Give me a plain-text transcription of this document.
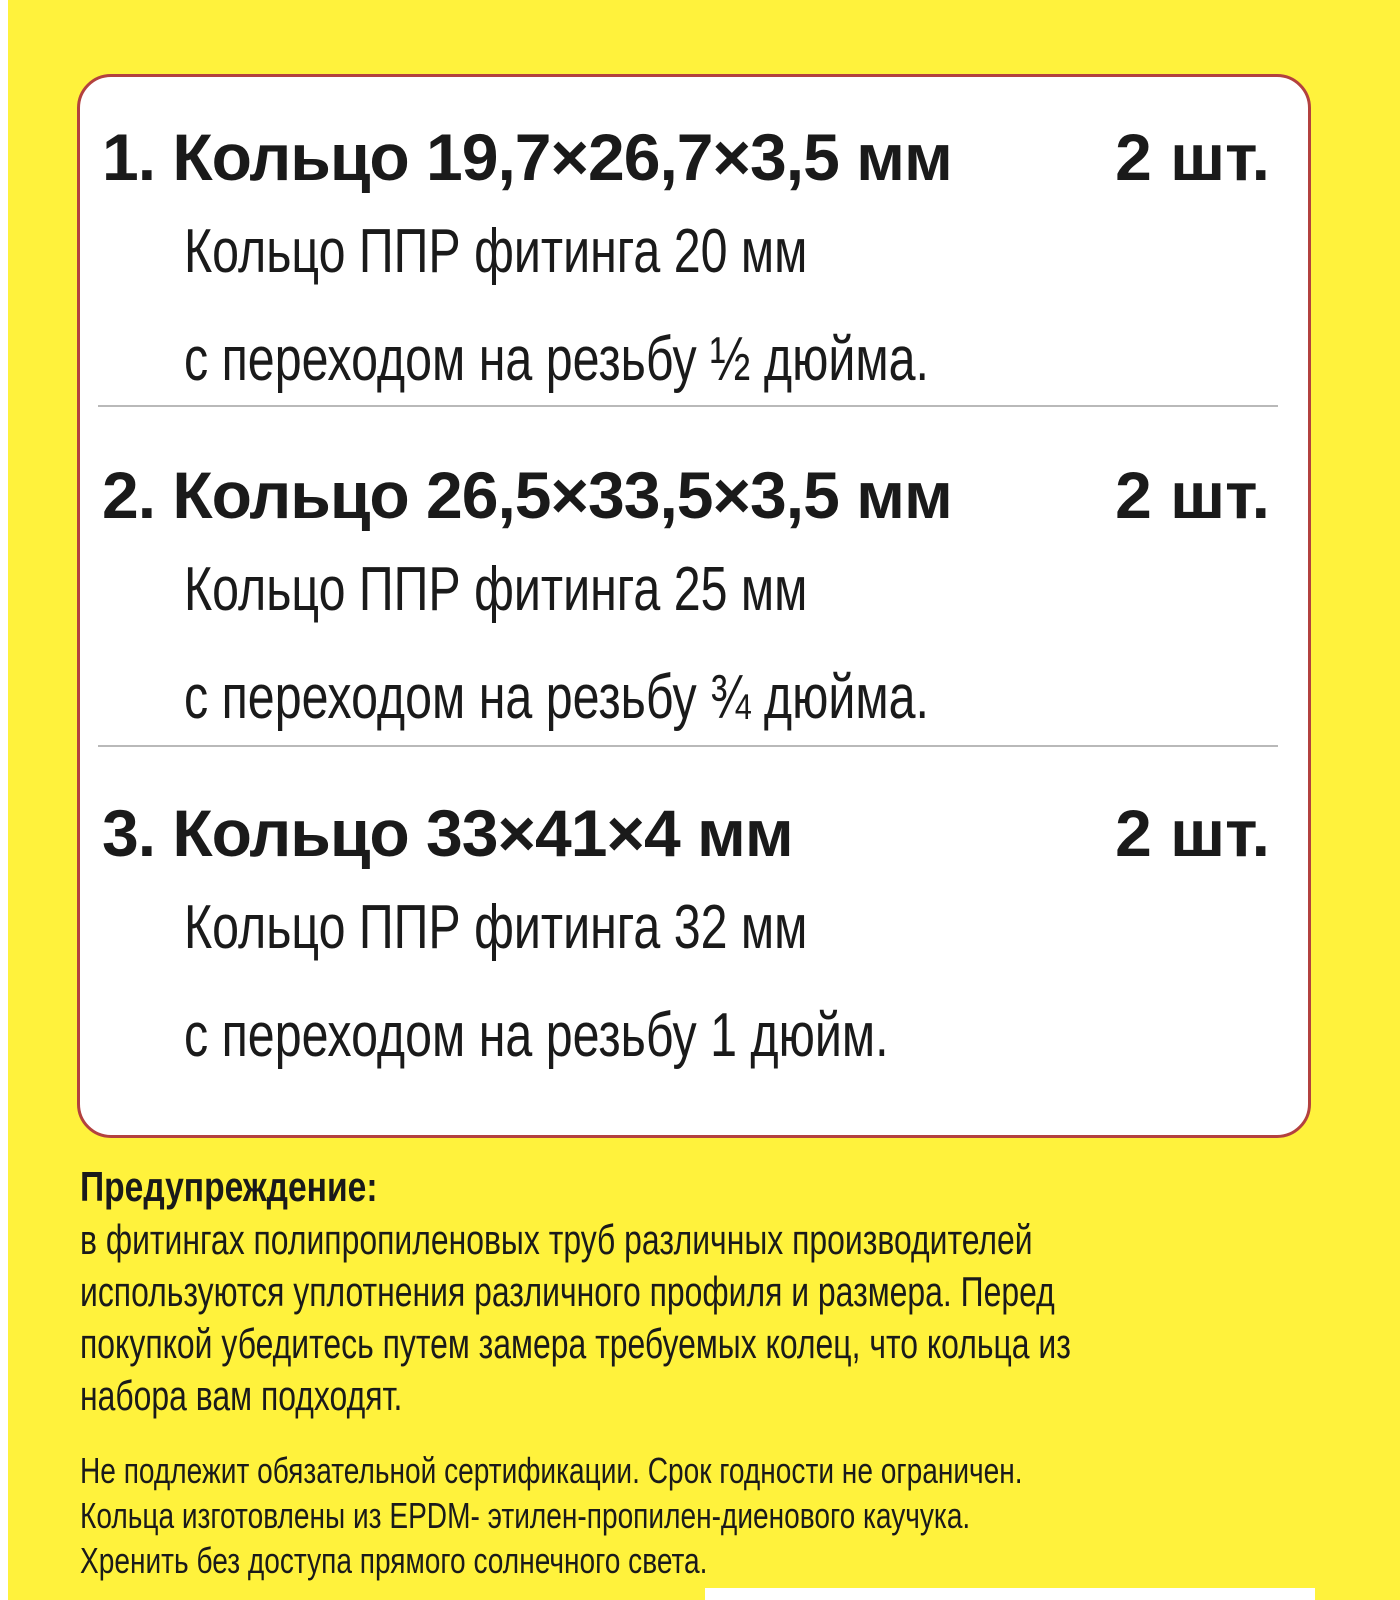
1. Кольцо 19,7×26,7×3,5 мм 2 шт.
Кольцо ППР фитинга 20 мм
с переходом на резьбу ½ дюйма.
2. Кольцо 26,5×33,5×3,5 мм 2 шт.
Кольцо ППР фитинга 25 мм
с переходом на резьбу ¾ дюйма.
3. Кольцо 33×41×4 мм	2 шт.
Кольцо ППР фитинга 32 мм
с переходом на резьбу 1 дюйм.
Предупреждение:
в фитингах полипропиленовых труб различных производителей
используются уплотнения различного профиля и размера. Перед
покупкой убедитесь путем замера требуемых колец, что кольца из
набора вам подходят.
Не подлежит обязательной сертификации. Срок годности не ограничен.
Кольца изготовлены из EPDM- этилен-пропилен-диенового каучука.
Хренить без доступа прямого солнечного света.
